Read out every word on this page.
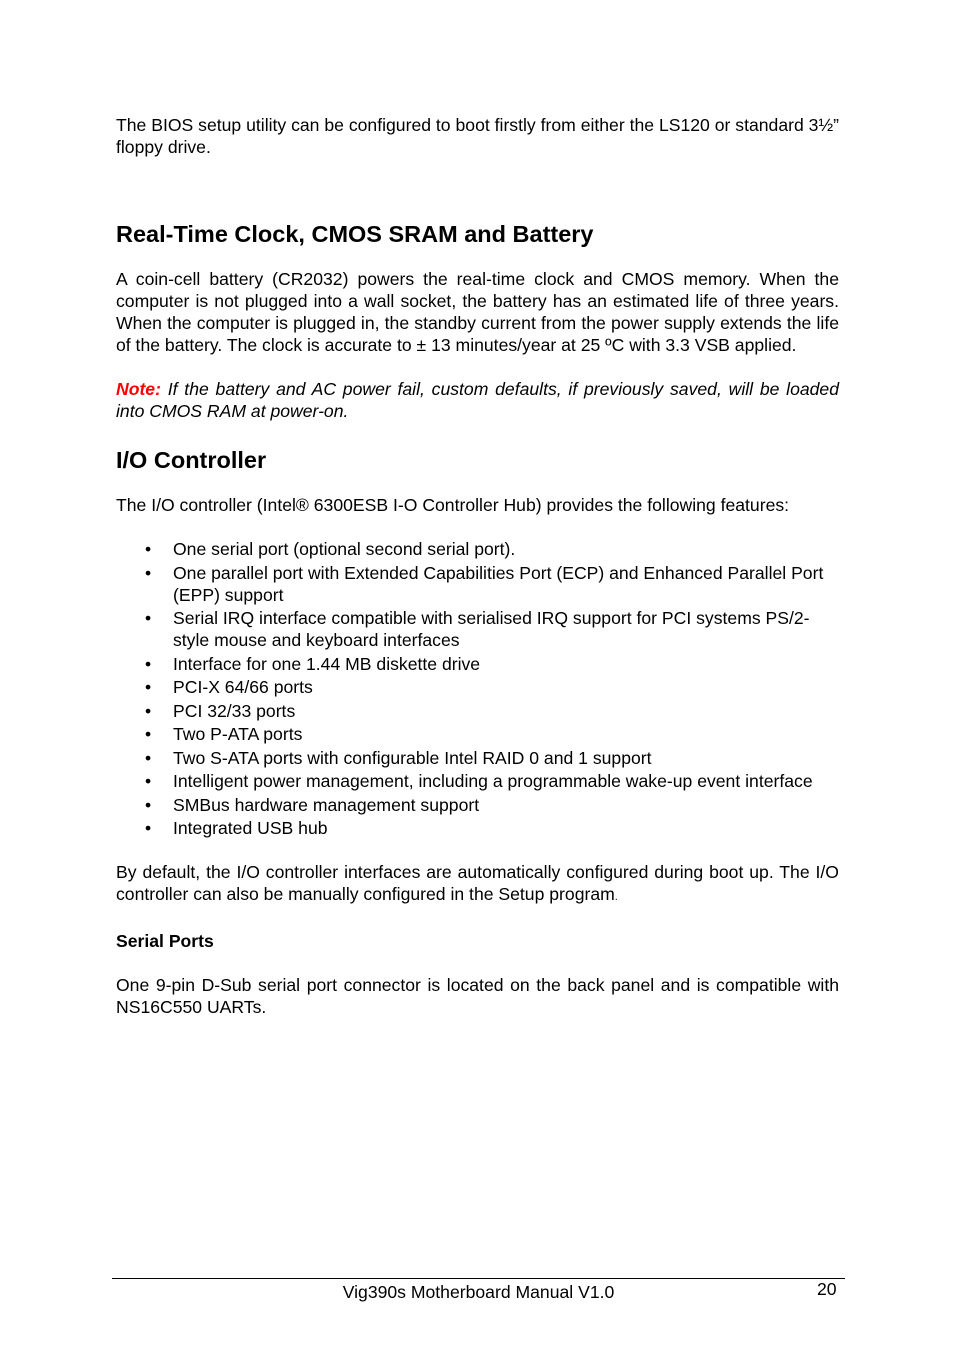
The BIOS setup utility can be configured to boot firstly from either the LS120 or standard 3½” floppy drive.

Real-Time Clock, CMOS SRAM and Battery

A coin-cell battery (CR2032) powers the real-time clock and CMOS memory. When the computer is not plugged into a wall socket, the battery has an estimated life of three years. When the computer is plugged in, the standby current from the power supply extends the life of the battery. The clock is accurate to ± 13 minutes/year at 25 ºC with 3.3 VSB applied.

Note: If the battery and AC power fail, custom defaults, if previously saved, will be loaded into CMOS RAM at power-on.

I/O Controller

The I/O controller (Intel® 6300ESB I-O Controller Hub) provides the following features:

• One serial port (optional second serial port).
• One parallel port with Extended Capabilities Port (ECP) and Enhanced Parallel Port (EPP) support
• Serial IRQ interface compatible with serialised IRQ support for PCI systems PS/2-style mouse and keyboard interfaces
• Interface for one 1.44 MB diskette drive
• PCI-X 64/66 ports
• PCI 32/33 ports
• Two P-ATA ports
• Two S-ATA ports with configurable Intel RAID 0 and 1 support
• Intelligent power management, including a programmable wake-up event interface
• SMBus hardware management support
• Integrated USB hub

By default, the I/O controller interfaces are automatically configured during boot up. The I/O controller can also be manually configured in the Setup program.

Serial Ports

One 9-pin D-Sub serial port connector is located on the back panel and is compatible with NS16C550 UARTs.

Vig390s Motherboard Manual V1.0	20
